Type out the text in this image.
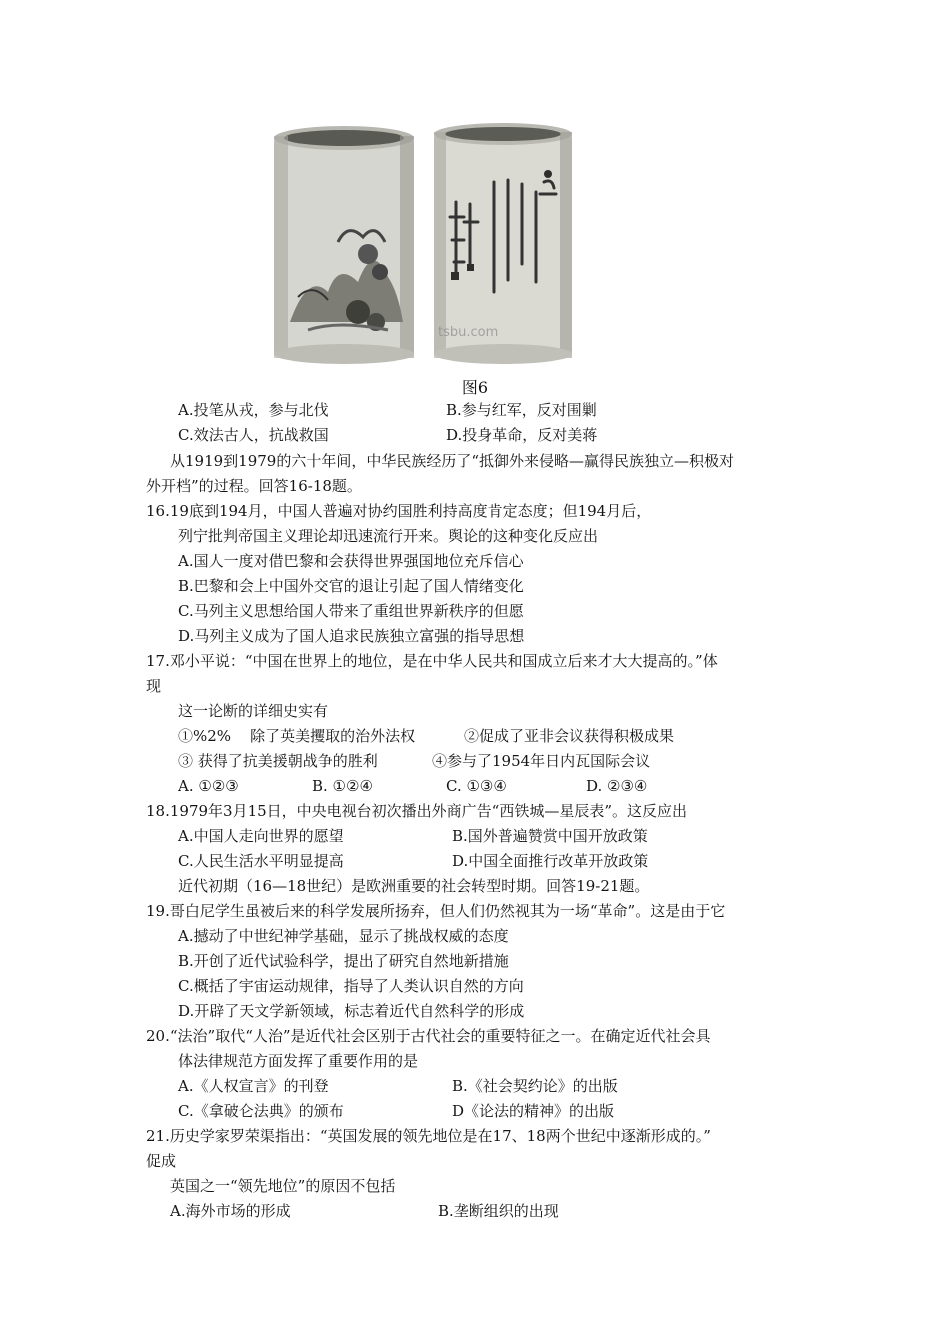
tsbu.com
图6
A.投笔从戎，参与北伐	B.参与红军，反对围剿
C.效法古人，抗战救国	D.投身革命，反对美蒋
从1919到1979的六十年间，中华民族经历了“抵御外来侵略—赢得民族独立—积极对
外开档”的过程。回答16-18题。
16.19底到194月，中国人普遍对协约国胜利持高度肯定态度；但194月后，
列宁批判帝国主义理论却迅速流行开来。舆论的这种变化反应出
A.国人一度对借巴黎和会获得世界强国地位充斥信心
B.巴黎和会上中国外交官的退让引起了国人情绪变化
C.马列主义思想给国人带来了重组世界新秩序的但愿
D.马列主义成为了国人追求民族独立富强的指导思想
17.邓小平说：“中国在世界上的地位，是在中华人民共和国成立后来才大大提高的。”体
现
这一论断的详细史实有
①%2%    除了英美攫取的治外法权	②促成了亚非会议获得积极成果
③ 获得了抗美援朝战争的胜利	④参与了1954年日内瓦国际会议
A. ①②③	B. ①②④	C. ①③④	D. ②③④
18.1979年3月15日，中央电视台初次播出外商广告“西铁城—星辰表”。这反应出
A.中国人走向世界的愿望	B.国外普遍赞赏中国开放政策
C.人民生活水平明显提高	D.中国全面推行改革开放政策
近代初期（16—18世纪）是欧洲重要的社会转型时期。回答19-21题。
19.哥白尼学生虽被后来的科学发展所扬弃，但人们仍然视其为一场“革命”。这是由于它
A.撼动了中世纪神学基础，显示了挑战权威的态度
B.开创了近代试验科学，提出了研究自然地新措施
C.概括了宇宙运动规律，指导了人类认识自然的方向
D.开辟了天文学新领域，标志着近代自然科学的形成
20.“法治”取代“人治”是近代社会区别于古代社会的重要特征之一。在确定近代社会具
体法律规范方面发挥了重要作用的是
A.《人权宣言》的刊登	B.《社会契约论》的出版
C.《拿破仑法典》的颁布	D《论法的精神》的出版
21.历史学家罗荣渠指出：“英国发展的领先地位是在17、18两个世纪中逐渐形成的。”
促成
英国之一“领先地位”的原因不包括
A.海外市场的形成	B.垄断组织的出现
